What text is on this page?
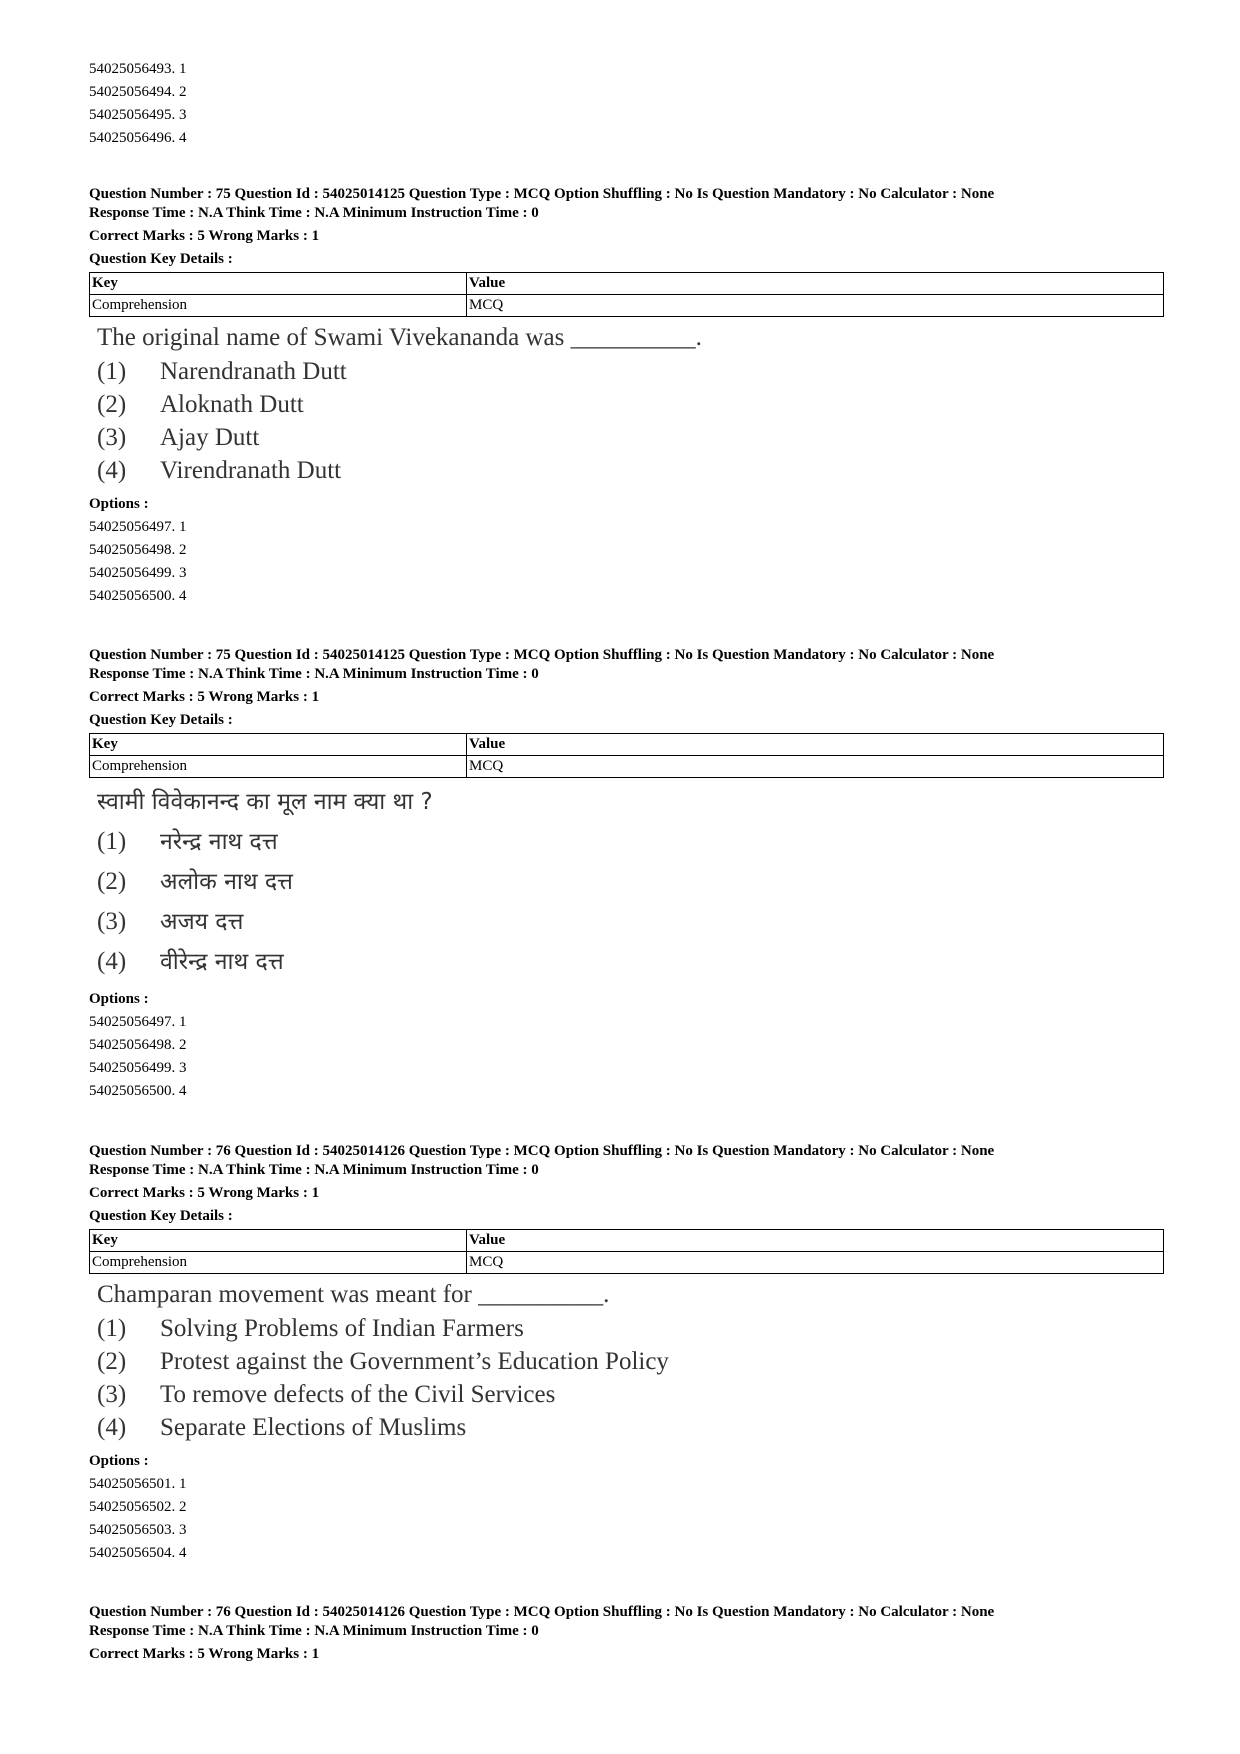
54025056493. 1
54025056494. 2
54025056495. 3
54025056496. 4
Question Number : 75 Question Id : 54025014125 Question Type : MCQ Option Shuffling : No Is Question Mandatory : No Calculator : None
Response Time : N.A Think Time : N.A Minimum Instruction Time : 0
Correct Marks : 5 Wrong Marks : 1
Question Key Details :
Key	Value
Comprehension	MCQ
The original name of Swami Vivekananda was __________.
(1)	Narendranath Dutt
(2)	Aloknath Dutt
(3)	Ajay Dutt
(4)	Virendranath Dutt
Options :
54025056497. 1
54025056498. 2
54025056499. 3
54025056500. 4
Question Number : 75 Question Id : 54025014125 Question Type : MCQ Option Shuffling : No Is Question Mandatory : No Calculator : None
Response Time : N.A Think Time : N.A Minimum Instruction Time : 0
Correct Marks : 5 Wrong Marks : 1
Question Key Details :
Key	Value
Comprehension	MCQ
स्वामी विवेकानन्द का मूल नाम क्या था ?
(1)	नरेन्द्र नाथ दत्त
(2)	अलोक नाथ दत्त
(3)	अजय दत्त
(4)	वीरेन्द्र नाथ दत्त
Options :
54025056497. 1
54025056498. 2
54025056499. 3
54025056500. 4
Question Number : 76 Question Id : 54025014126 Question Type : MCQ Option Shuffling : No Is Question Mandatory : No Calculator : None
Response Time : N.A Think Time : N.A Minimum Instruction Time : 0
Correct Marks : 5 Wrong Marks : 1
Question Key Details :
Key	Value
Comprehension	MCQ
Champaran movement was meant for __________.
(1)	Solving Problems of Indian Farmers
(2)	Protest against the Government’s Education Policy
(3)	To remove defects of the Civil Services
(4)	Separate Elections of Muslims
Options :
54025056501. 1
54025056502. 2
54025056503. 3
54025056504. 4
Question Number : 76 Question Id : 54025014126 Question Type : MCQ Option Shuffling : No Is Question Mandatory : No Calculator : None
Response Time : N.A Think Time : N.A Minimum Instruction Time : 0
Correct Marks : 5 Wrong Marks : 1
